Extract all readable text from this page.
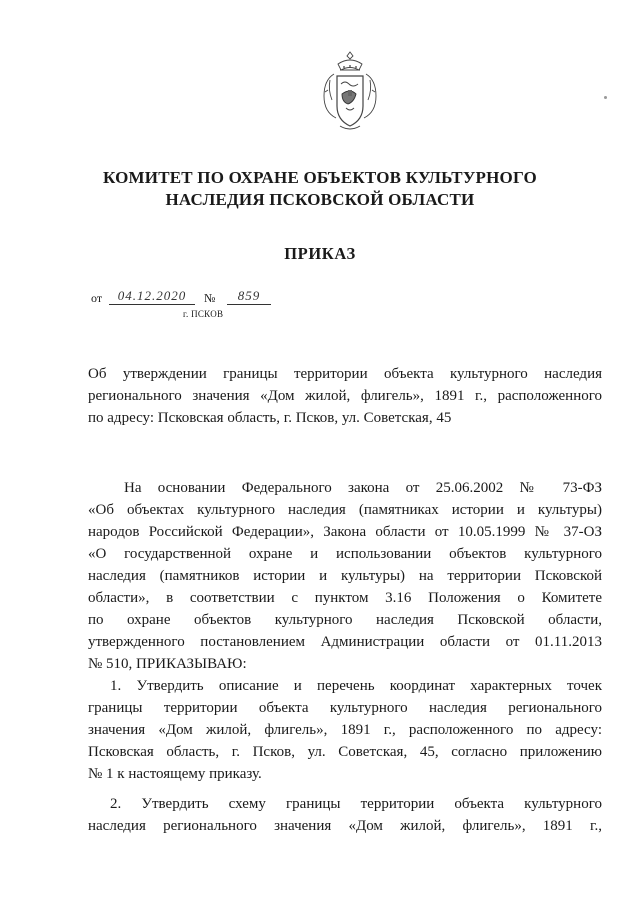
КОМИТЕТ ПО ОХРАНЕ ОБЪЕКТОВ КУЛЬТУРНОГО
НАСЛЕДИЯ ПСКОВСКОЙ ОБЛАСТИ
ПРИКАЗ
от	04.12.2020	№	859
г. ПСКОВ
Об утверждении границы территории объекта культурного наследия
регионального значения «Дом жилой, флигель», 1891 г., расположенного
по адресу: Псковская область, г. Псков, ул. Советская, 45
На основании Федерального закона от 25.06.2002 № 73-ФЗ
«Об объектах культурного наследия (памятниках истории и культуры)
народов Российской Федерации», Закона области от 10.05.1999 № 37-ОЗ
«О государственной охране и использовании объектов культурного
наследия (памятников истории и культуры) на территории Псковской
области», в соответствии с пунктом 3.16 Положения о Комитете
по охране объектов культурного наследия Псковской области,
утвержденного постановлением Администрации области от 01.11.2013
№ 510, ПРИКАЗЫВАЮ:
1. Утвердить описание и перечень координат характерных точек
границы территории объекта культурного наследия регионального
значения «Дом жилой, флигель», 1891 г., расположенного по адресу:
Псковская область, г. Псков, ул. Советская, 45, согласно приложению
№ 1 к настоящему приказу.
2. Утвердить схему границы территории объекта культурного
наследия регионального значения «Дом жилой, флигель», 1891 г.,
